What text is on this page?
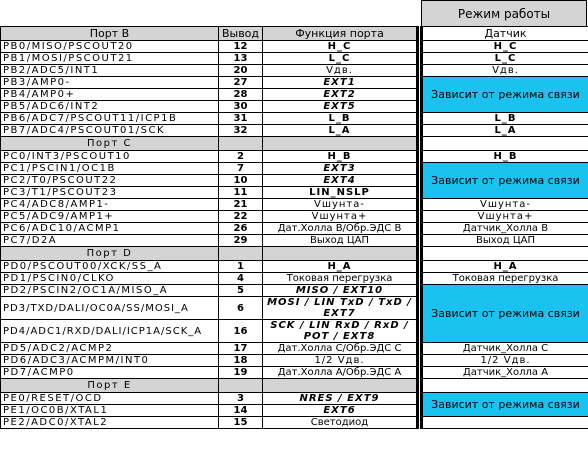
Режим работы
Порт B	Вывод	Функция порта		Датчик
PB0/MISO/PSCOUT20	12	H_C		H_C
PB1/MOSI/PSCOUT21	13	L_C		L_C
PB2/ADC5/INT1	20	Vдв.		Vдв.
PB3/AMP0-	27	EXT1		Зависит от режима связи
PB4/AMP0+	28	EXT2		
PB5/ADC6/INT2	30	EXT5		
PB6/ADC7/PSCOUT11/ICP1B	31	L_B		L_B
PB7/ADC4/PSCOUT01/SCK	32	L_A		L_A
Порт C				
PC0/INT3/PSCOUT10	2	H_B		H_B
PC1/PSCIN1/OC1B	7	EXT3		Зависит от режима связи
PC2/T0/PSCOUT22	10	EXT4		
PC3/T1/PSCOUT23	11	LIN_NSLP		
PC4/ADC8/AMP1-	21	Vшунта-		Vшунта-
PC5/ADC9/AMP1+	22	Vшунта+		Vшунта+
PC6/ADC10/ACMP1	26	Дат.Холла B/Обр.ЭДС B		Датчик_Холла B
PC7/D2A	29	Выход ЦАП		Выход ЦАП
Порт D				
PD0/PSCOUT00/XCK/SS_A	1	H_A		H_A
PD1/PSCIN0/CLKO	4	Токовая перегрузка		Токовая перегрузка
PD2/PSCIN2/OC1A/MISO_A	5	MISO / EXT10		Зависит от режима связи
PD3/TXD/DALI/OC0A/SS/MOSI_A	6	MOSI / LIN TxD / TxD / EXT7		
PD4/ADC1/RXD/DALI/ICP1A/SCK_A	16	SCK / LIN RxD / RxD / POT / EXT8		
PD5/ADC2/ACMP2	17	Дат.Холла C/Обр.ЭДС C		Датчик_Холла C
PD6/ADC3/ACMPM/INT0	18	1/2 Vдв.		1/2 Vдв.
PD7/ACMP0	19	Дат.Холла A/Обр.ЭДС A		Датчик_Холла A
Порт E				
PE0/RESET/OCD	3	NRES / EXT9		Зависит от режима связи
PE1/OC0B/XTAL1	14	EXT6		
PE2/ADC0/XTAL2	15	Светодиод		
